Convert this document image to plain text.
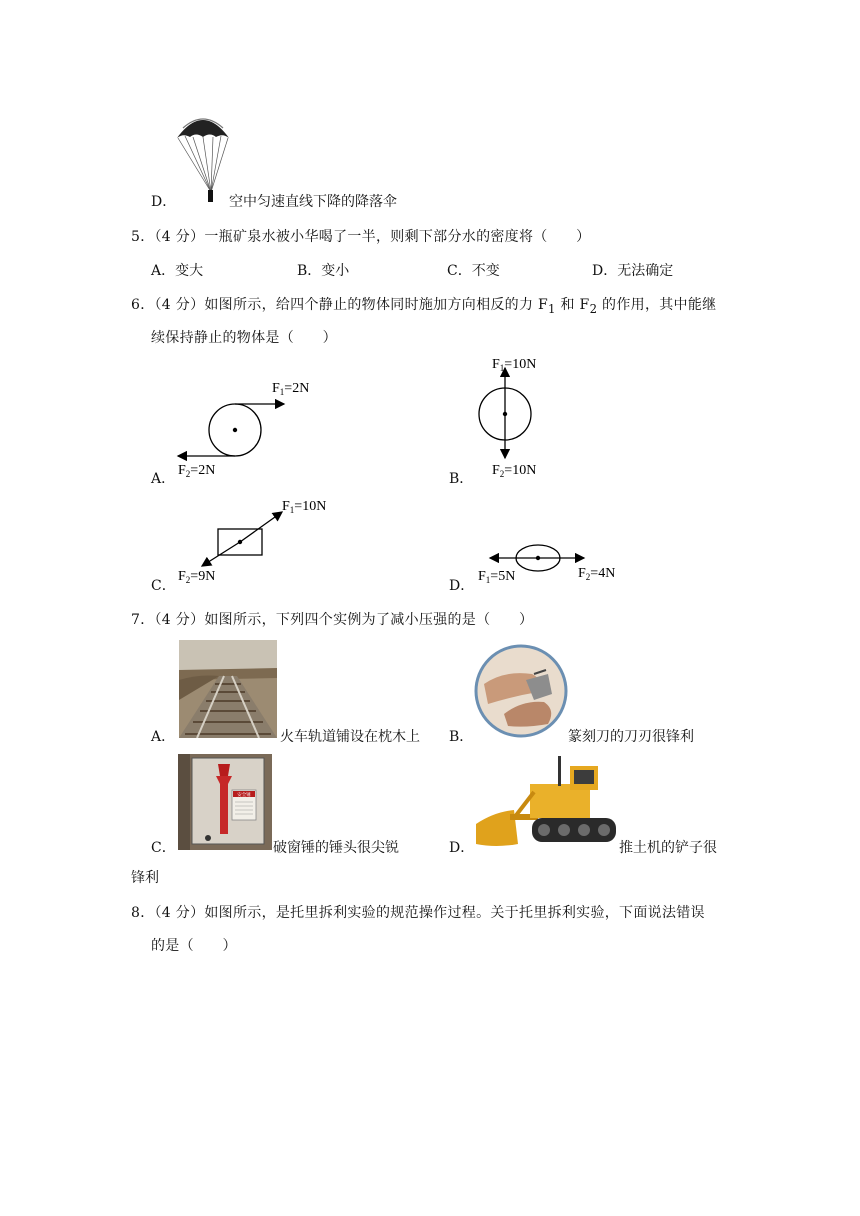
D．	空中匀速直线下降的降落伞
5．（4 分）一瓶矿泉水被小华喝了一半，则剩下部分水的密度将（　　）
A．变大	B．变小	C．不变	D．无法确定
6．（4 分）如图所示，给四个静止的物体同时施加方向相反的力 $F_1$ 和 $F_2$ 的作用，其中能继
续保持静止的物体是（　　）
$F_1=2N$
$F_2=2N$
A．
$F_1=10N$
$F_2=10N$
B．
$F_1=10N$
$F_2=9N$
C．
$F_1=5N$	$F_2=4N$
D．
7．（4 分）如图所示，下列四个实例为了减小压强的是（　　）
A．	火车轨道铺设在枕木上 B．	篆刻刀的刀刃很锋利
安全锤
C．	破窗锤的锤头很尖锐	D．	推土机的铲子很
锋利
8．（4 分）如图所示，是托里拆利实验的规范操作过程。关于托里拆利实验，下面说法错误
的是（　　）
